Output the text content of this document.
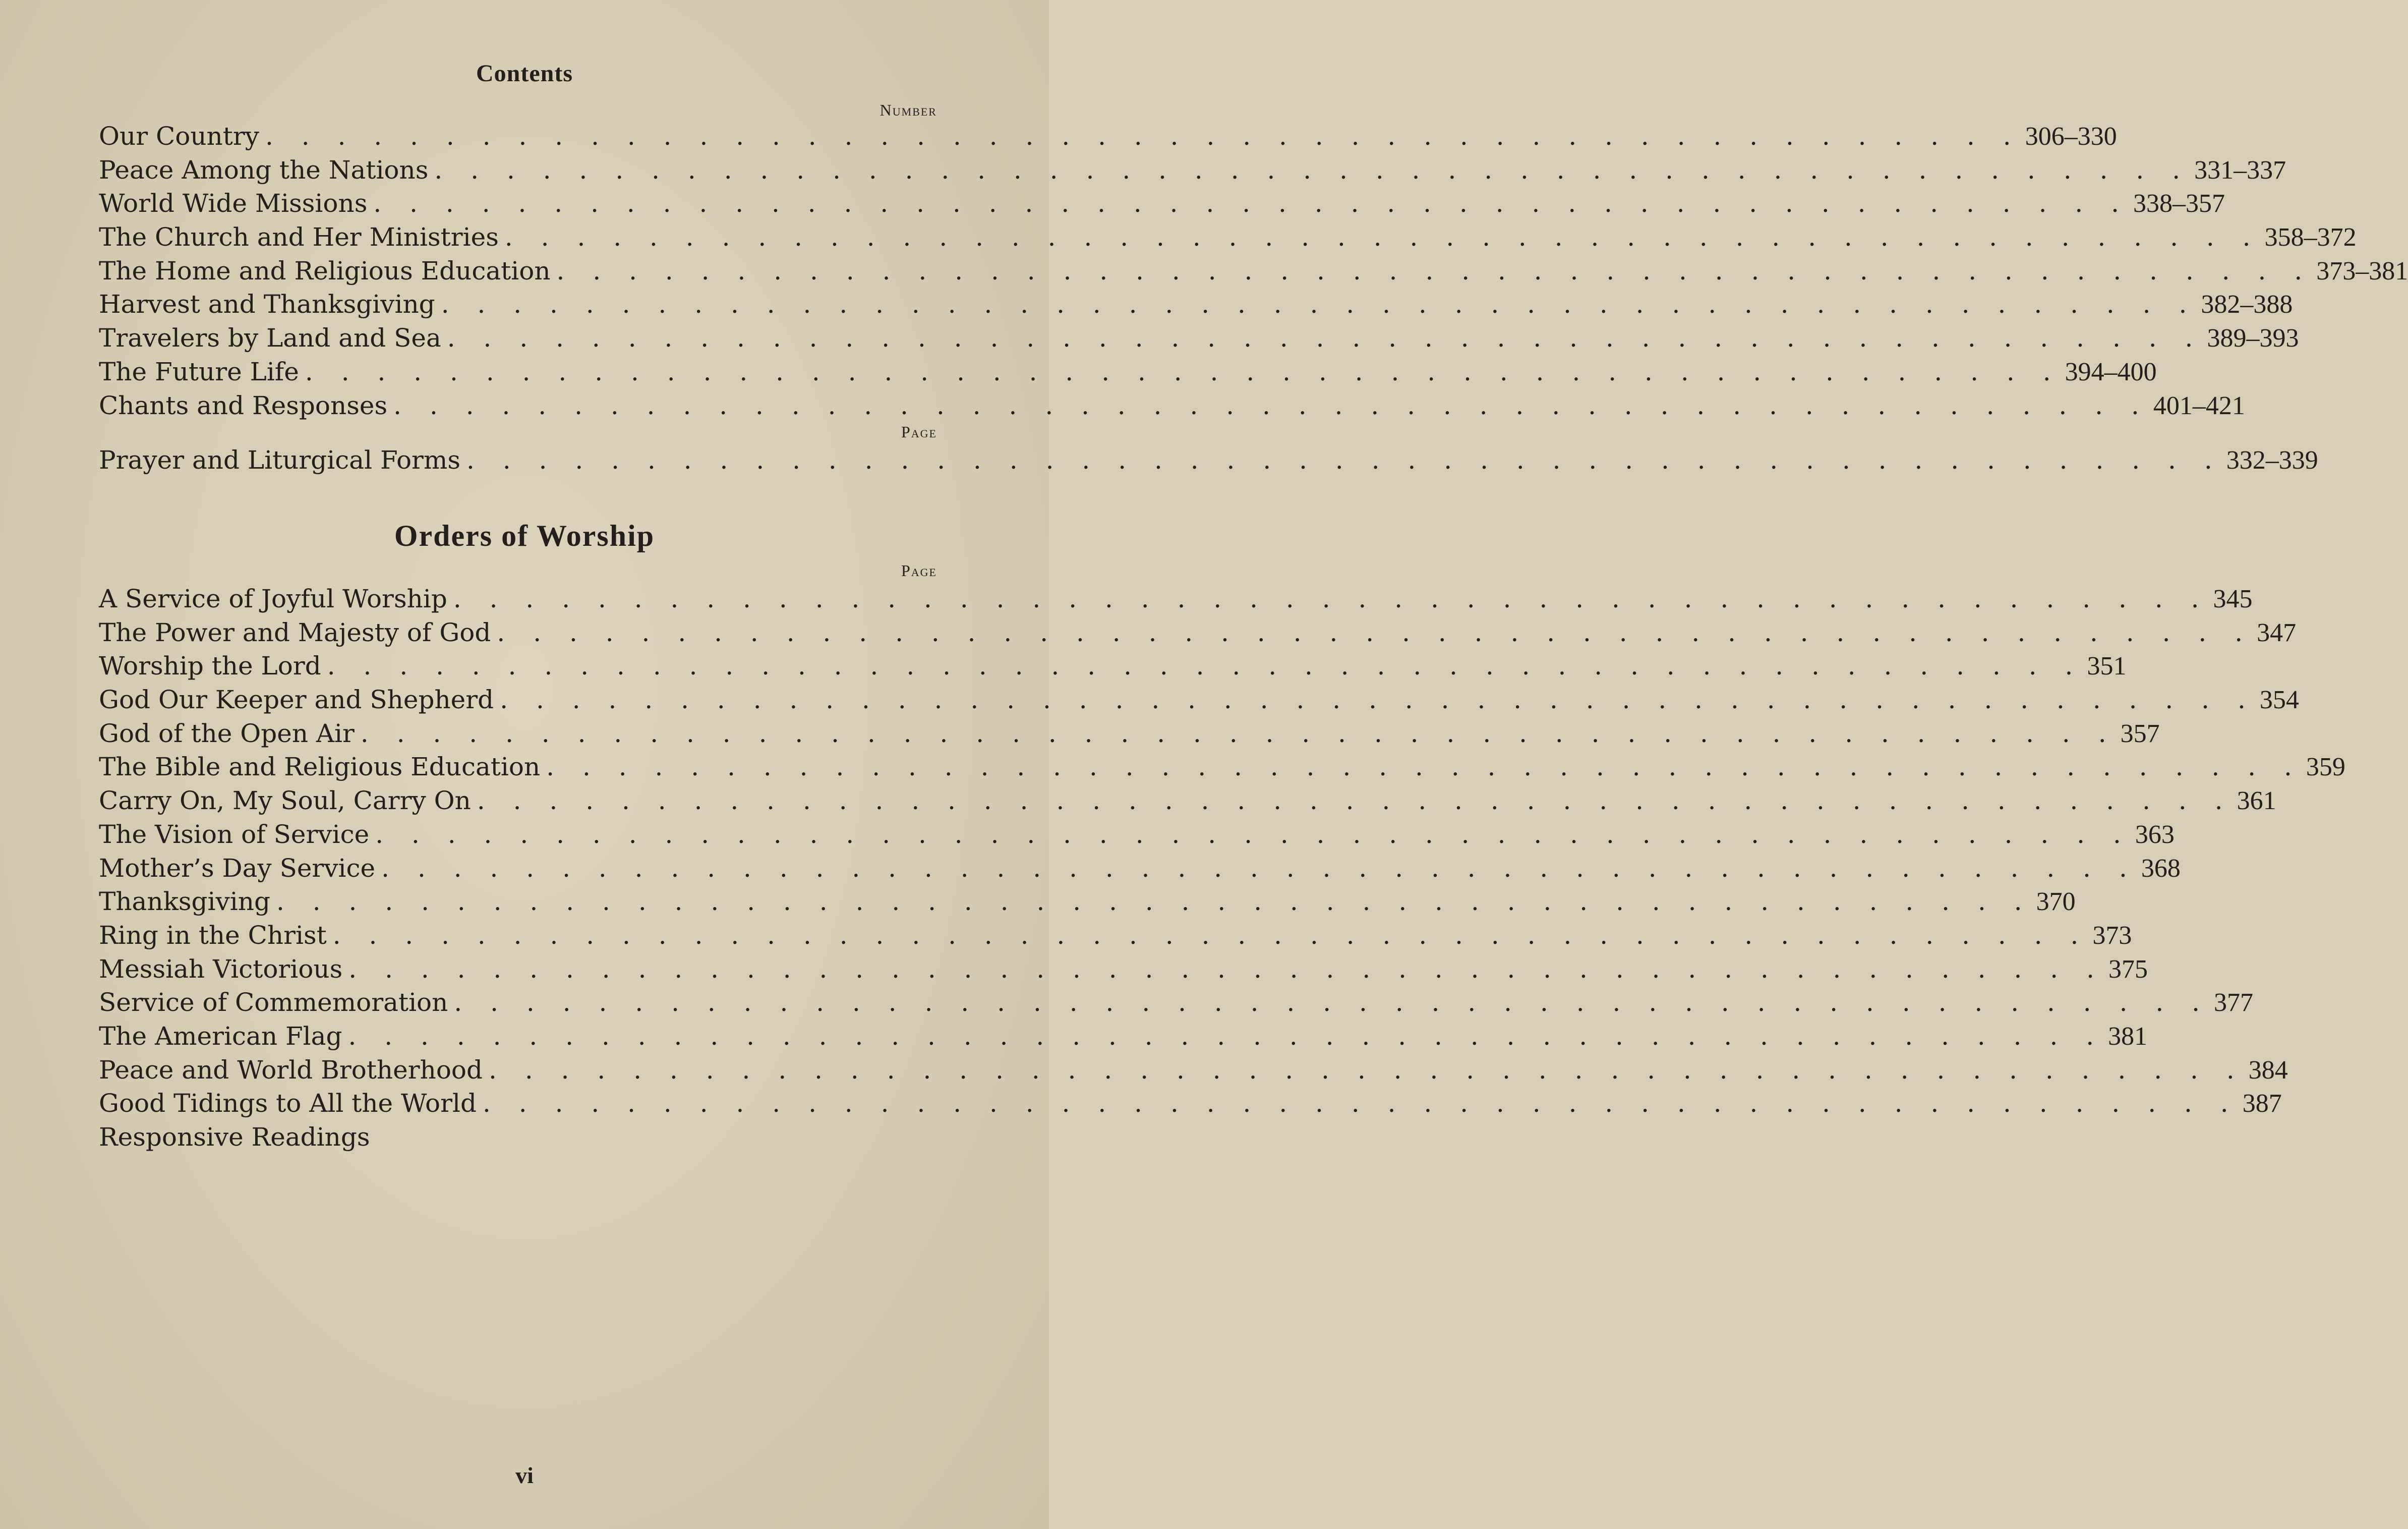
Contents
Number
Our Country . . . . . . . . . . . . . . . . . . . . . . . . . . . . . . . . . . . . . . . . . . . . . . . . . 306–330
Peace Among the Nations . . . . . . . . . . . . . . . . . . . . . . . . . . . . . . . . . . . . . . . . . . . . . . . . . 331–337
World Wide Missions . . . . . . . . . . . . . . . . . . . . . . . . . . . . . . . . . . . . . . . . . . . . . . . . . 338–357
The Church and Her Ministries . . . . . . . . . . . . . . . . . . . . . . . . . . . . . . . . . . . . . . . . . . . . . . . . . 358–372
The Home and Religious Education . . . . . . . . . . . . . . . . . . . . . . . . . . . . . . . . . . . . . . . . . . . . . . . . . 373–381
Harvest and Thanksgiving . . . . . . . . . . . . . . . . . . . . . . . . . . . . . . . . . . . . . . . . . . . . . . . . . 382–388
Travelers by Land and Sea . . . . . . . . . . . . . . . . . . . . . . . . . . . . . . . . . . . . . . . . . . . . . . . . . 389–393
The Future Life . . . . . . . . . . . . . . . . . . . . . . . . . . . . . . . . . . . . . . . . . . . . . . . . . 394–400
Chants and Responses . . . . . . . . . . . . . . . . . . . . . . . . . . . . . . . . . . . . . . . . . . . . . . . . . 401–421
Page
Prayer and Liturgical Forms . . . . . . . . . . . . . . . . . . . . . . . . . . . . . . . . . . . . . . . . . . . . . . . . . 332–339
Orders of Worship
Page
A Service of Joyful Worship . . . . . . . . . . . . . . . . . . . . . . . . . . . . . . . . . . . . . . . . . . . . . . . . . 345
The Power and Majesty of God . . . . . . . . . . . . . . . . . . . . . . . . . . . . . . . . . . . . . . . . . . . . . . . . . 347
Worship the Lord . . . . . . . . . . . . . . . . . . . . . . . . . . . . . . . . . . . . . . . . . . . . . . . . . 351
God Our Keeper and Shepherd . . . . . . . . . . . . . . . . . . . . . . . . . . . . . . . . . . . . . . . . . . . . . . . . . 354
God of the Open Air . . . . . . . . . . . . . . . . . . . . . . . . . . . . . . . . . . . . . . . . . . . . . . . . . 357
The Bible and Religious Education . . . . . . . . . . . . . . . . . . . . . . . . . . . . . . . . . . . . . . . . . . . . . . . . . 359
Carry On, My Soul, Carry On . . . . . . . . . . . . . . . . . . . . . . . . . . . . . . . . . . . . . . . . . . . . . . . . . 361
The Vision of Service . . . . . . . . . . . . . . . . . . . . . . . . . . . . . . . . . . . . . . . . . . . . . . . . . 363
Mother’s Day Service . . . . . . . . . . . . . . . . . . . . . . . . . . . . . . . . . . . . . . . . . . . . . . . . . 368
Thanksgiving . . . . . . . . . . . . . . . . . . . . . . . . . . . . . . . . . . . . . . . . . . . . . . . . . 370
Ring in the Christ . . . . . . . . . . . . . . . . . . . . . . . . . . . . . . . . . . . . . . . . . . . . . . . . . 373
Messiah Victorious . . . . . . . . . . . . . . . . . . . . . . . . . . . . . . . . . . . . . . . . . . . . . . . . . 375
Service of Commemoration . . . . . . . . . . . . . . . . . . . . . . . . . . . . . . . . . . . . . . . . . . . . . . . . . 377
The American Flag . . . . . . . . . . . . . . . . . . . . . . . . . . . . . . . . . . . . . . . . . . . . . . . . . 381
Peace and World Brotherhood . . . . . . . . . . . . . . . . . . . . . . . . . . . . . . . . . . . . . . . . . . . . . . . . . 384
Good Tidings to All the World . . . . . . . . . . . . . . . . . . . . . . . . . . . . . . . . . . . . . . . . . . . . . . . . . 387
Responsive Readings
vi
